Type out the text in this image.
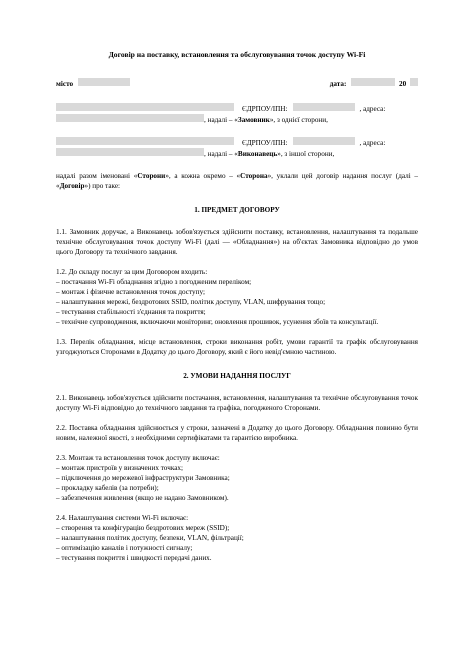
Договір на поставку, встановлення та обслуговування точок доступу Wi-Fi
місто	дата:	20
ЄДРПОУ/ІПН:	, адреса:
, надалі – « Замовник », з однієї сторони,
ЄДРПОУ/ІПН:	, адреса:
, надалі – « Виконавець », з іншої сторони,

надалі разом іменовані «Сторони», а кожна окремо – «Сторона», уклали цей договір надання послуг (далі – «Договір») про таке:

1. ПРЕДМЕТ ДОГОВОРУ

1.1. Замовник доручає, а Виконавець зобов'язується здійснити поставку, встановлення, налаштування та подальше технічне обслуговування точок доступу Wi-Fi (далі — «Обладнання») на об'єктах Замовника відповідно до умов цього Договору та технічного завдання.

1.2. До складу послуг за цим Договором входить:

– постачання Wi-Fi обладнання згідно з погодженим переліком;

– монтаж і фізичне встановлення точок доступу;

– налаштування мережі, бездротових SSID, політик доступу, VLAN, шифрування тощо;

– тестування стабільності з'єднання та покриття;

– технічне супроводження, включаючи моніторинг, оновлення прошивок, усунення збоїв та консультації.

1.3. Перелік обладнання, місце встановлення, строки виконання робіт, умови гарантії та графік обслуговування узгоджуються Сторонами в Додатку до цього Договору, який є його невід'ємною частиною.

2. УМОВИ НАДАННЯ ПОСЛУГ

2.1. Виконавець зобов'язується здійснити постачання, встановлення, налаштування та технічне обслуговування точок доступу Wi-Fi відповідно до технічного завдання та графіка, погодженого Сторонами.

2.2. Поставка обладнання здійснюється у строки, зазначені в Додатку до цього Договору. Обладнання повинно бути новим, належної якості, з необхідними сертифікатами та гарантією виробника.

2.3. Монтаж та встановлення точок доступу включає:

– монтаж пристроїв у визначених точках;

– підключення до мережевої інфраструктури Замовника;

– прокладку кабелів (за потреби);

– забезпечення живлення (якщо не надано Замовником).

2.4. Налаштування системи Wi-Fi включає:

– створення та конфігурацію бездротових мереж (SSID);

– налаштування політик доступу, безпеки, VLAN, фільтрації;

– оптимізацію каналів і потужності сигналу;

– тестування покриття і швидкості передачі даних.
